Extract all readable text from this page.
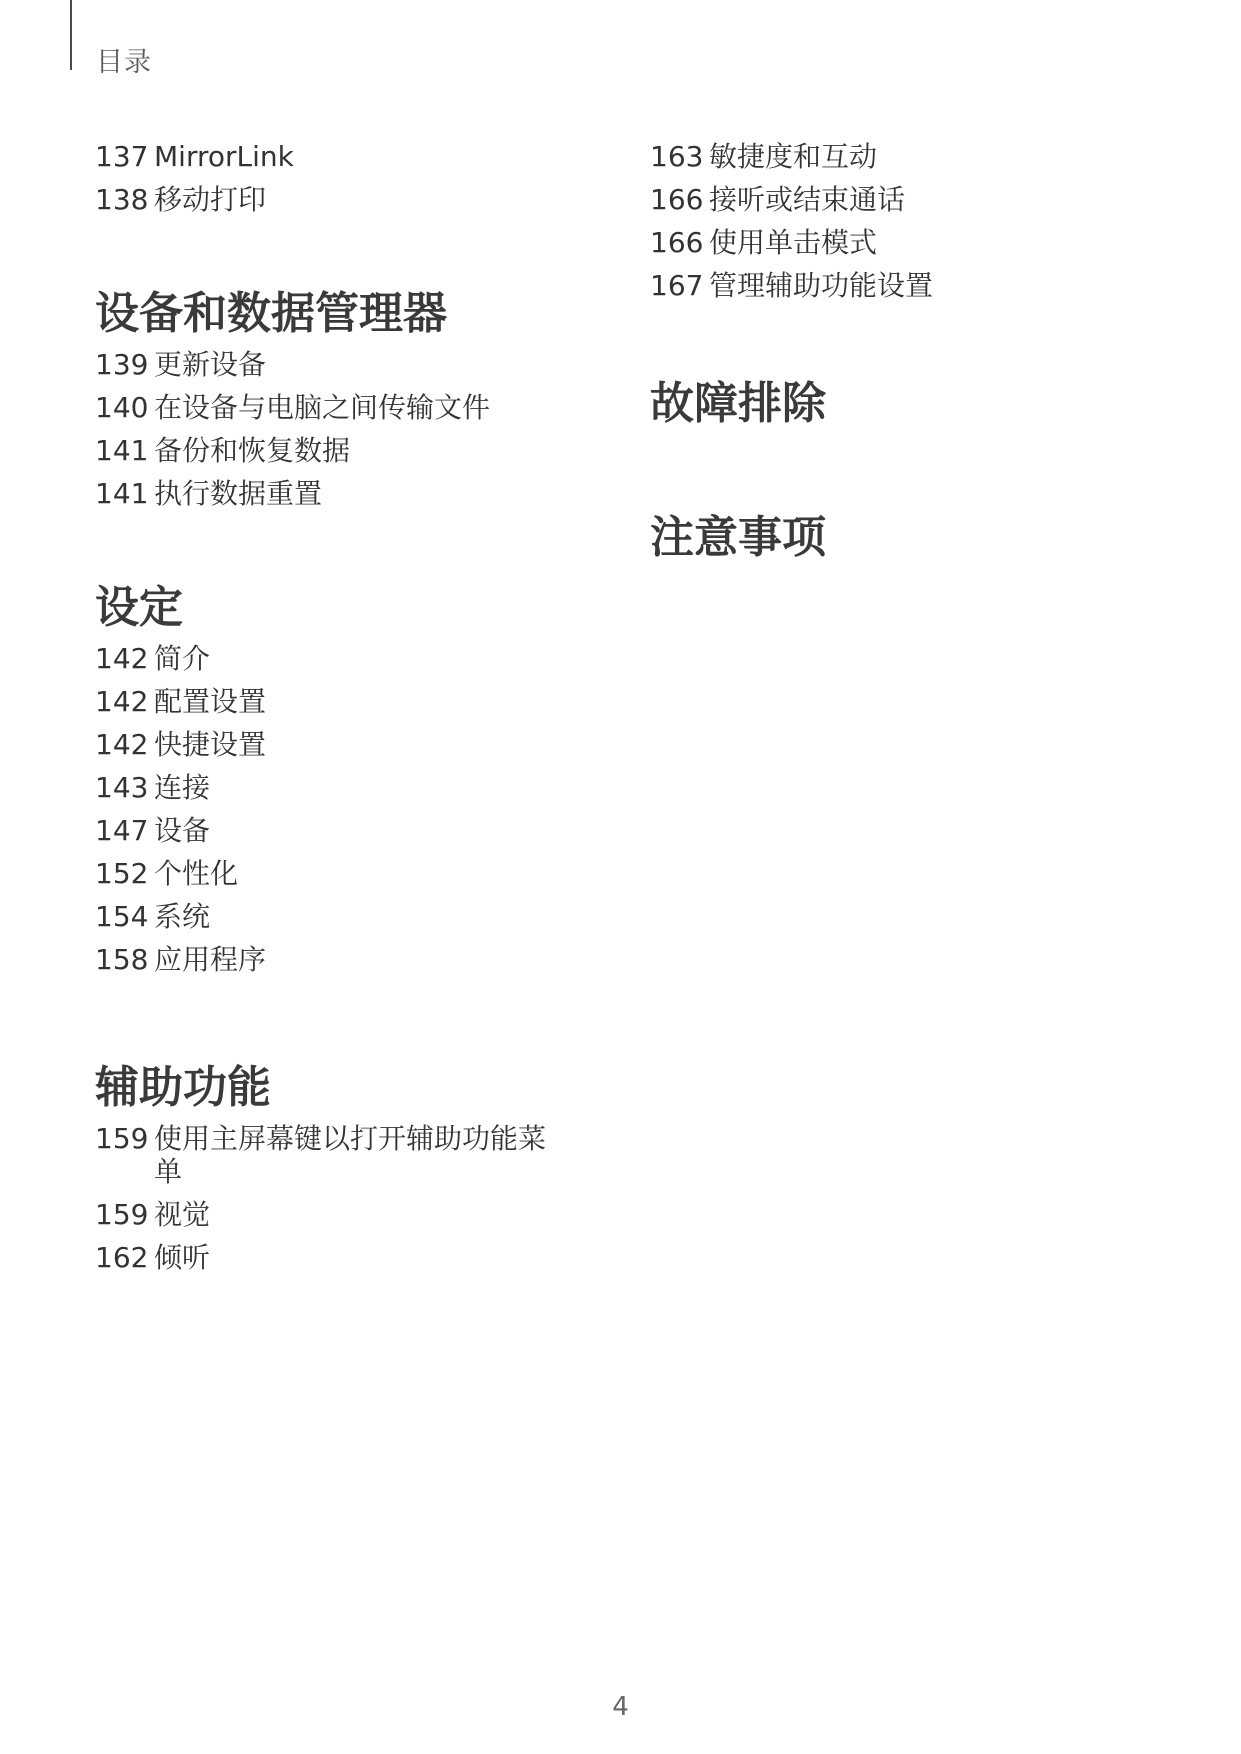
目录
137 MirrorLink
138 移动打印
设备和数据管理器
139 更新设备
140 在设备与电脑之间传输文件
141 备份和恢复数据
141 执行数据重置
设定
142 简介
142 配置设置
142 快捷设置
143 连接
147 设备
152 个性化
154 系统
158 应用程序
辅助功能
159 使用主屏幕键以打开辅助功能菜单
159 视觉
162 倾听
163 敏捷度和互动
166 接听或结束通话
166 使用单击模式
167 管理辅助功能设置
故障排除
注意事项
4
